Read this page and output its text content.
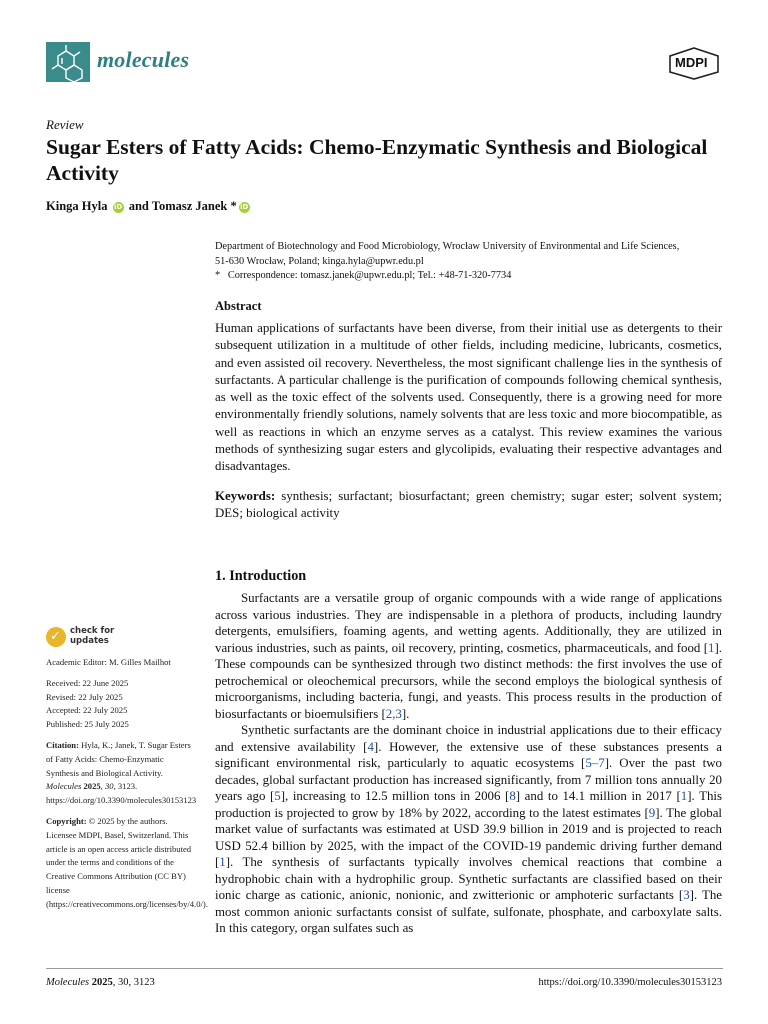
molecules	MDPI
Review
Sugar Esters of Fatty Acids: Chemo-Enzymatic Synthesis and Biological Activity
Kinga Hyla iD and Tomasz Janek * iD
Department of Biotechnology and Food Microbiology, Wrocław University of Environmental and Life Sciences,
51-630 Wrocław, Poland; kinga.hyla@upwr.edu.pl
*   Correspondence: tomasz.janek@upwr.edu.pl; Tel.: +48-71-320-7734
Abstract
Human applications of surfactants have been diverse, from their initial use as detergents to their subsequent utilization in a multitude of other fields, including medicine, lubricants, cosmetics, and even assisted oil recovery. Nevertheless, the most significant challenge lies in the synthesis of surfactants. A particular challenge is the purification of compounds following chemical synthesis, as well as the toxic effect of the solvents used. Consequently, there is a growing need for more environmentally friendly solutions, namely solvents that are less toxic and more biocompatible, as well as reactions in which an enzyme serves as a catalyst. This review examines the various methods of synthesizing sugar esters and glycolipids, evaluating their respective advantages and disadvantages.
Keywords: synthesis; surfactant; biosurfactant; green chemistry; sugar ester; solvent system; DES; biological activity
1. Introduction

Surfactants are a versatile group of organic compounds with a wide range of applications across various industries. They are indispensable in a plethora of products, including laundry detergents, emulsifiers, foaming agents, and wetting agents. Additionally, they are utilized in various industries, such as paints, oil recovery, printing, cosmetics, pharmaceuticals, and food [1]. These compounds can be synthesized through two distinct methods: the first involves the use of petrochemical or oleochemical precursors, while the second employs the biological synthesis of microorganisms, including bacteria, fungi, and yeasts. This process results in the production of biosurfactants or bioemulsifiers [2,3].

Synthetic surfactants are the dominant choice in industrial applications due to their efficacy and extensive availability [4]. However, the extensive use of these substances presents a significant environmental risk, particularly to aquatic ecosystems [5–7]. Over the past two decades, global surfactant production has increased significantly, from 7 million tons annually 20 years ago [5], increasing to 12.5 million tons in 2006 [8] and to 14.1 million in 2017 [1]. This production is projected to grow by 18% by 2022, according to the latest estimates [9]. The global market value of surfactants was estimated at USD 39.9 billion in 2019 and is projected to reach USD 52.4 billion by 2025, with the impact of the COVID-19 pandemic driving further demand [1]. The synthesis of surfactants typically involves chemical reactions that combine a hydrophobic chain with a hydrophilic group. Synthetic surfactants are classified based on their ionic charge as cationic, anionic, nonionic, and zwitterionic or amphoteric surfactants [3]. The most common anionic surfactants consist of sulfate, sulfonate, phosphate, and carboxylate salts. In this category, organ sulfates such as

✓ check for
updates
Academic Editor: M. Gilles Mailhot
Received: 22 June 2025
Revised: 22 July 2025
Accepted: 22 July 2025
Published: 25 July 2025
Citation: Hyla, K.; Janek, T. Sugar Esters of Fatty Acids: Chemo-Enzymatic Synthesis and Biological Activity. Molecules 2025, 30, 3123. https://doi.org/10.3390/molecules30153123
Copyright: © 2025 by the authors. Licensee MDPI, Basel, Switzerland. This article is an open access article distributed under the terms and conditions of the Creative Commons Attribution (CC BY) license (https://creativecommons.org/licenses/by/4.0/).
Molecules 2025, 30, 3123	https://doi.org/10.3390/molecules30153123
